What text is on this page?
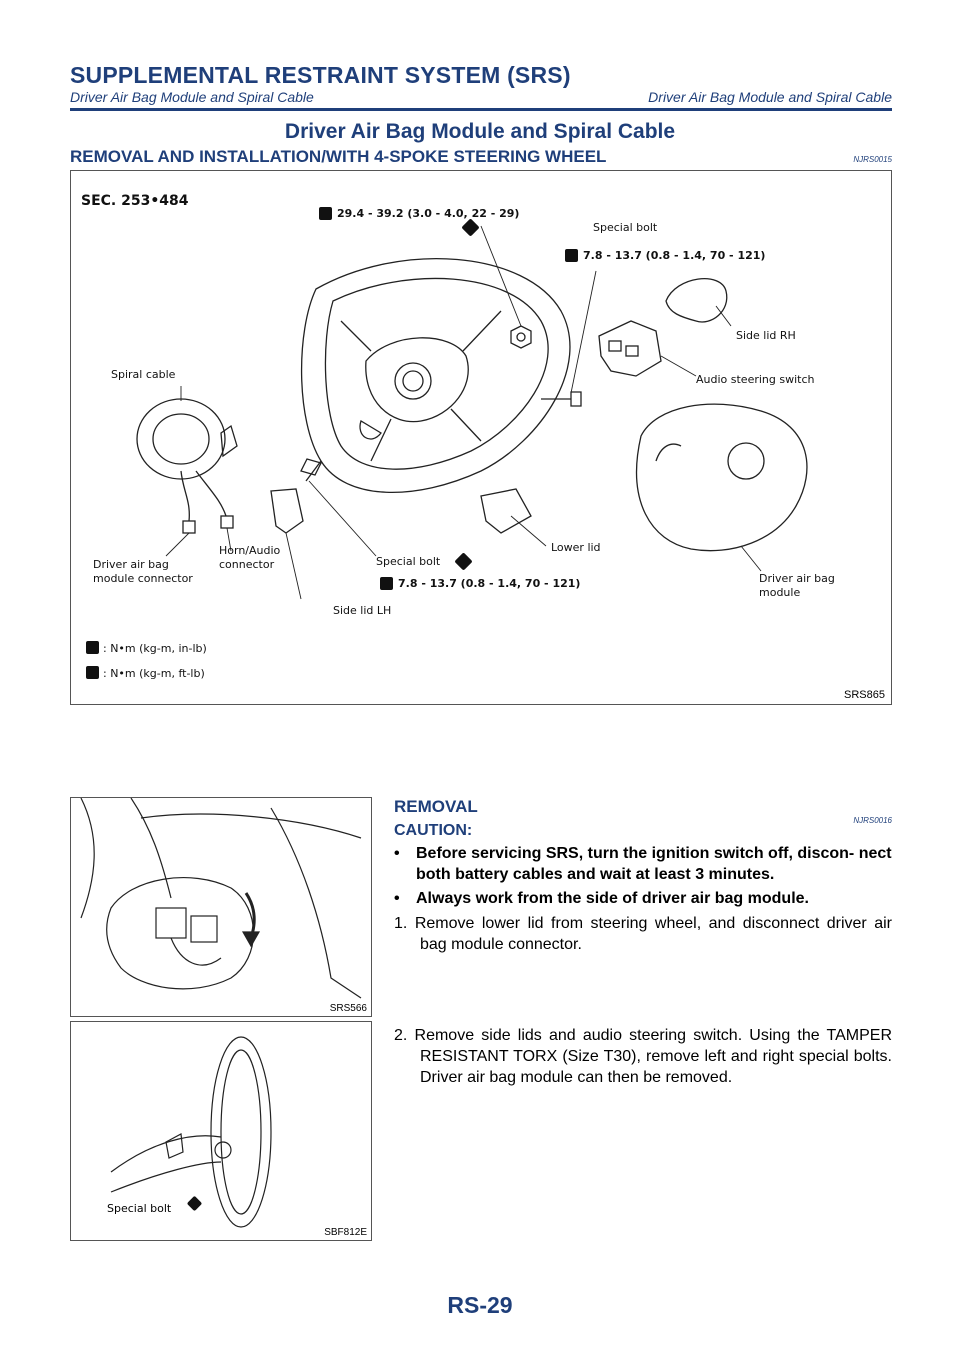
SUPPLEMENTAL RESTRAINT SYSTEM (SRS)
Driver Air Bag Module and Spiral Cable	Driver Air Bag Module and Spiral Cable
Driver Air Bag Module and Spiral Cable
REMOVAL AND INSTALLATION/WITH 4-SPOKE STEERING WHEEL	NJRS0015
SEC. 253•484
29.4 - 39.2 (3.0 - 4.0, 22 - 29)
Special bolt
7.8 - 13.7 (0.8 - 1.4, 70 - 121)
Side lid RH
Audio steering switch
Spiral cable
Driver air bag
module connector
Horn/Audio
connector	Special bolt
7.8 - 13.7 (0.8 - 1.4, 70 - 121)
Lower lid
Side lid LH
Driver air bag
module
: N•m (kg-m, in-lb)
: N•m (kg-m, ft-lb)
SRS865
SRS566
Special bolt
SBF812E
REMOVAL
NJRS0016
CAUTION:
• Before servicing SRS, turn the ignition switch off, discon- nect both battery cables and wait at least 3 minutes.
• Always work from the side of driver air bag module.
1. Remove lower lid from steering wheel, and disconnect driver air bag module connector.
2. Remove side lids and audio steering switch. Using the TAMPER RESISTANT TORX (Size T30), remove left and right special bolts. Driver air bag module can then be removed.
RS-29
